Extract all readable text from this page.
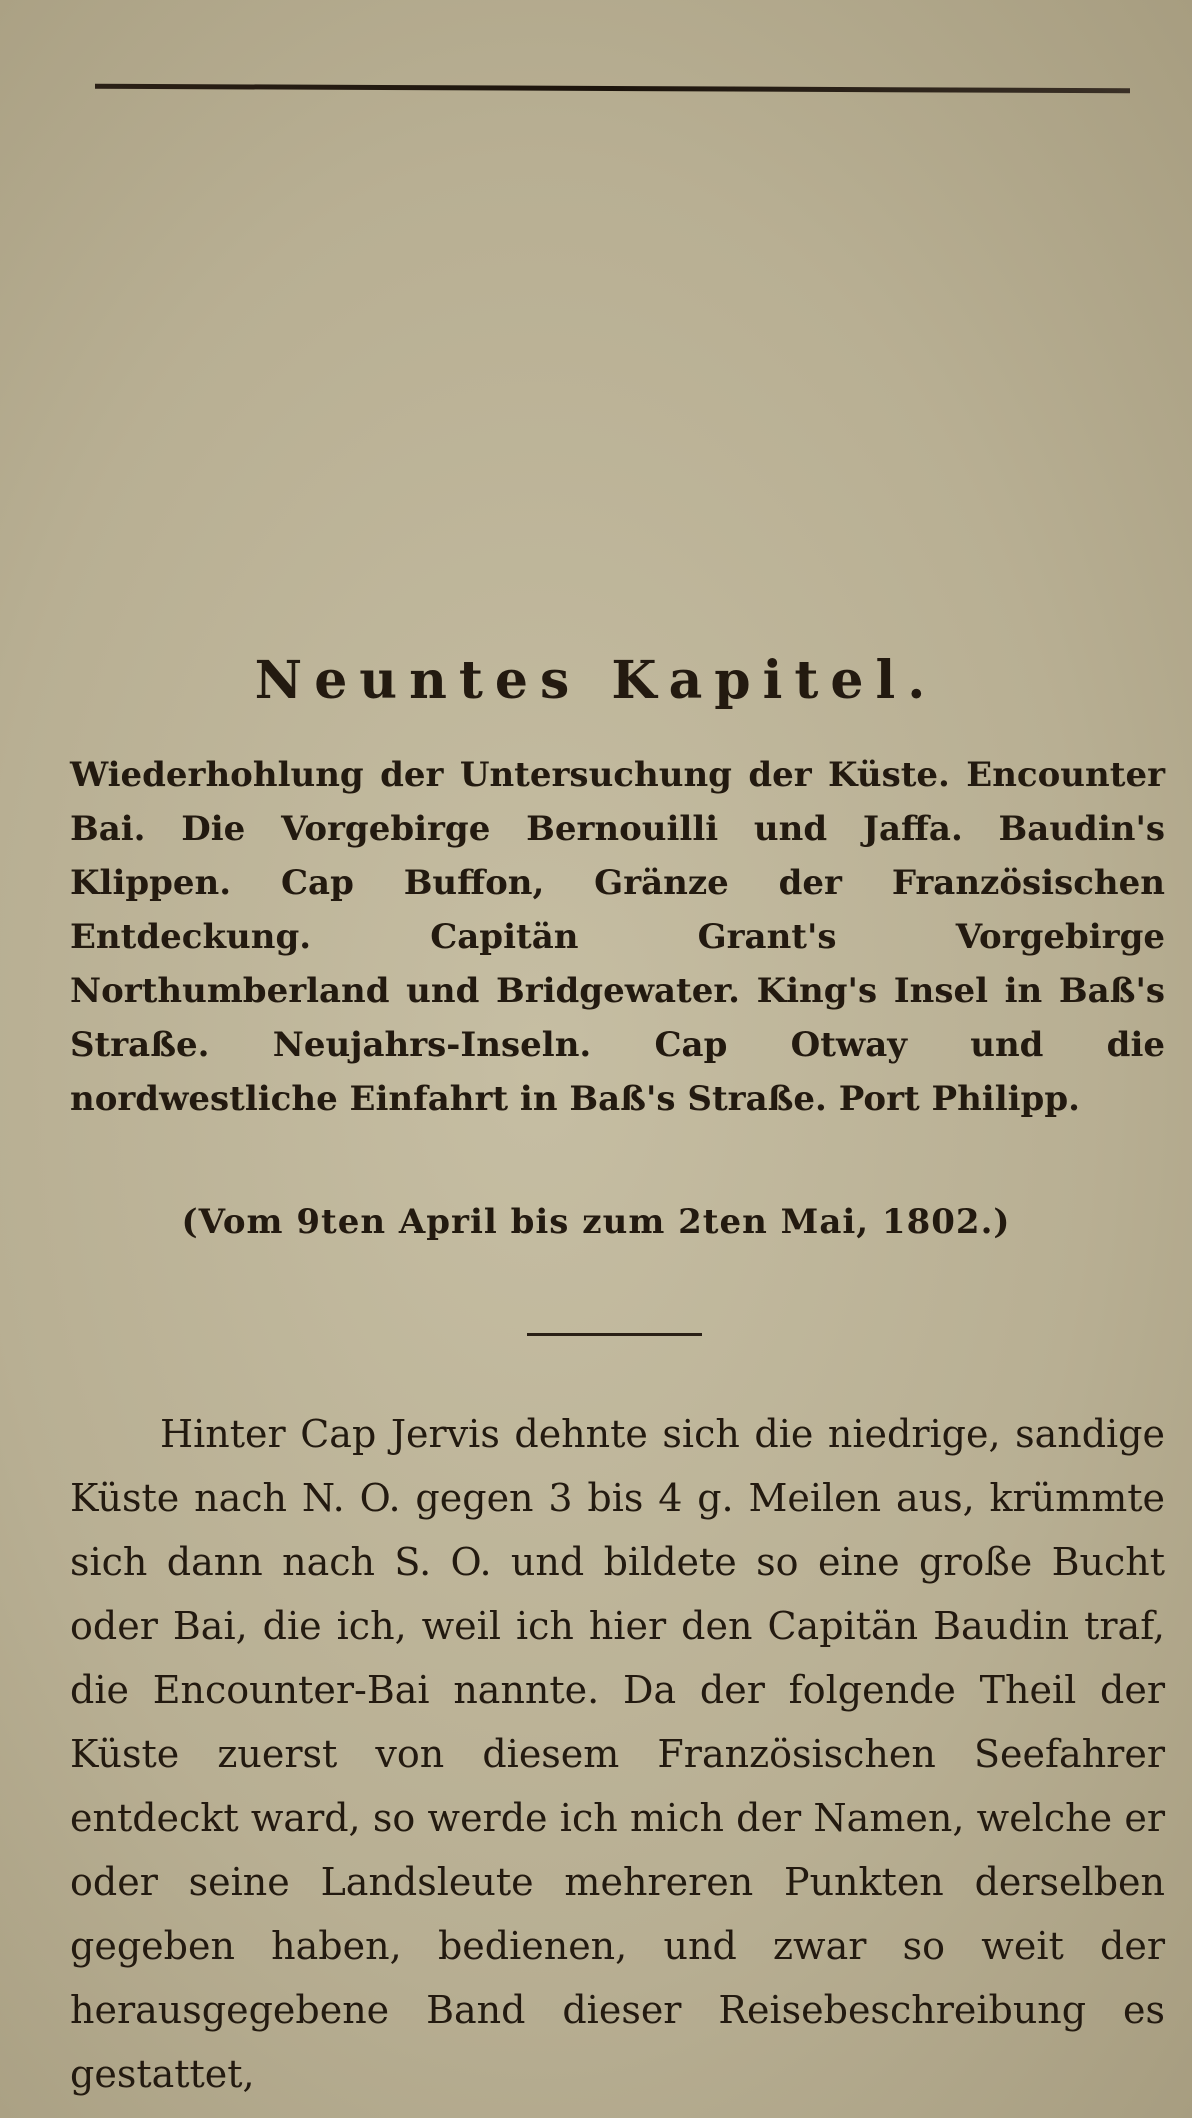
Neuntes Kapitel.
Wiederhohlung der Untersuchung der Küste. Encounter Bai. Die Vorgebirge Bernouilli und Jaffa. Baudin's Klippen. Cap Buffon, Gränze der Französischen Entdeckung. Capitän Grant's Vorgebirge Northumberland und Bridgewater. King's Insel in Baß's Straße. Neujahrs-Inseln. Cap Otway und die nordwestliche Einfahrt in Baß's Straße. Port Philipp.
(Vom 9ten April bis zum 2ten Mai, 1802.)

Hinter Cap Jervis dehnte sich die niedrige, sandige Küste nach N. O. gegen 3 bis 4 g. Meilen aus, krümmte sich dann nach S. O. und bildete so eine große Bucht oder Bai, die ich, weil ich hier den Capitän Baudin traf, die Encounter-Bai nannte. Da der folgende Theil der Küste zuerst von diesem Französischen Seefahrer entdeckt ward, so werde ich mich der Namen, welche er oder seine Landsleute mehreren Punkten derselben gegeben haben, bedienen, und zwar so weit der herausgegebene Band dieser Reisebeschreibung es gestattet,
